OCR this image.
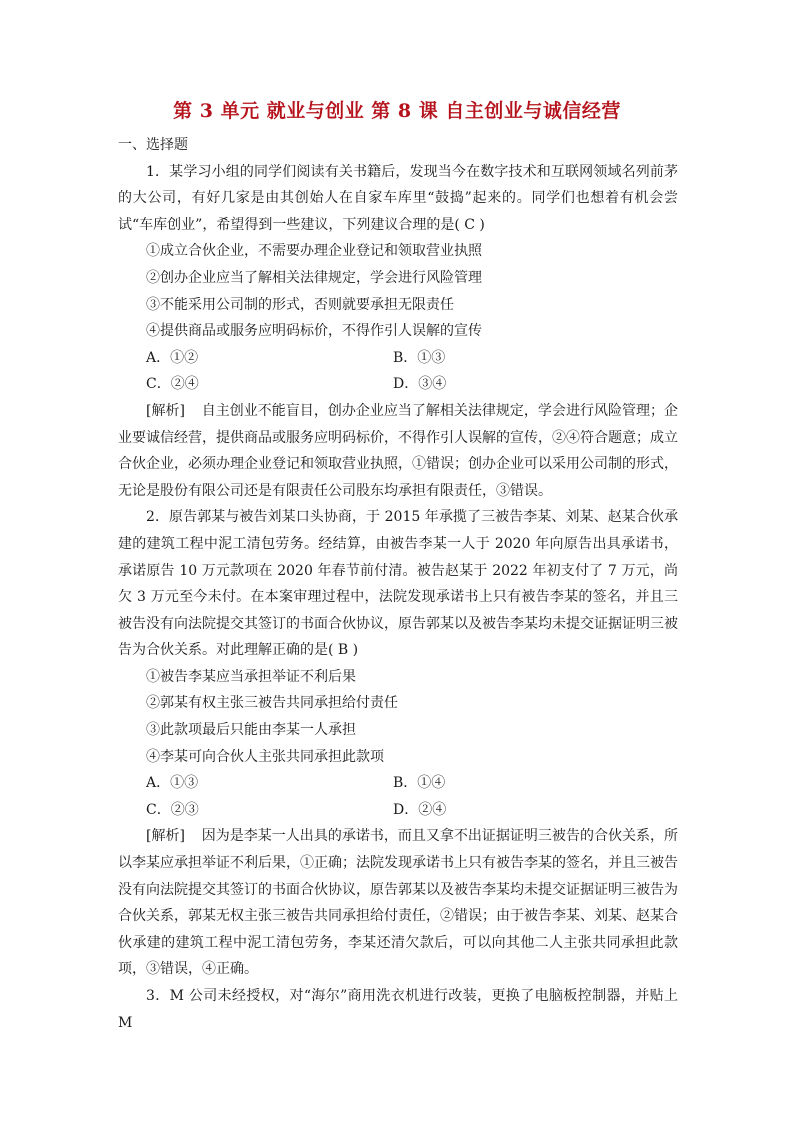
第 3 单元 就业与创业 第 8 课 自主创业与诚信经营

一、选择题

1．某学习小组的同学们阅读有关书籍后，发现当今在数字技术和互联网领域名列前茅的大公司，有好几家是由其创始人在自家车库里“鼓捣”起来的。同学们也想着有机会尝试“车库创业”，希望得到一些建议，下列建议合理的是( C )

①成立合伙企业，不需要办理企业登记和领取营业执照

②创办企业应当了解相关法律规定，学会进行风险管理

③不能采用公司制的形式，否则就要承担无限责任

④提供商品或服务应明码标价，不得作引人误解的宣传

A．①②	B．①③
C．②④	D．③④

[解析] 自主创业不能盲目，创办企业应当了解相关法律规定，学会进行风险管理；企业要诚信经营，提供商品或服务应明码标价，不得作引人误解的宣传，②④符合题意；成立合伙企业，必须办理企业登记和领取营业执照，①错误；创办企业可以采用公司制的形式，无论是股份有限公司还是有限责任公司股东均承担有限责任，③错误。

2．原告郭某与被告刘某口头协商，于 2015 年承揽了三被告李某、刘某、赵某合伙承建的建筑工程中泥工清包劳务。经结算，由被告李某一人于 2020 年向原告出具承诺书，承诺原告 10 万元款项在 2020 年春节前付清。被告赵某于 2022 年初支付了 7 万元，尚欠 3 万元至今未付。在本案审理过程中，法院发现承诺书上只有被告李某的签名，并且三被告没有向法院提交其签订的书面合伙协议，原告郭某以及被告李某均未提交证据证明三被告为合伙关系。对此理解正确的是( B )

①被告李某应当承担举证不利后果

②郭某有权主张三被告共同承担给付责任

③此款项最后只能由李某一人承担

④李某可向合伙人主张共同承担此款项

A．①③	B．①④
C．②③	D．②④

[解析] 因为是李某一人出具的承诺书，而且又拿不出证据证明三被告的合伙关系，所以李某应承担举证不利后果，①正确；法院发现承诺书上只有被告李某的签名，并且三被告没有向法院提交其签订的书面合伙协议，原告郭某以及被告李某均未提交证据证明三被告为合伙关系，郭某无权主张三被告共同承担给付责任，②错误；由于被告李某、刘某、赵某合伙承建的建筑工程中泥工清包劳务，李某还清欠款后，可以向其他二人主张共同承担此款项，③错误，④正确。

3．M 公司未经授权，对“海尔”商用洗衣机进行改装，更换了电脑板控制器，并贴上 M
